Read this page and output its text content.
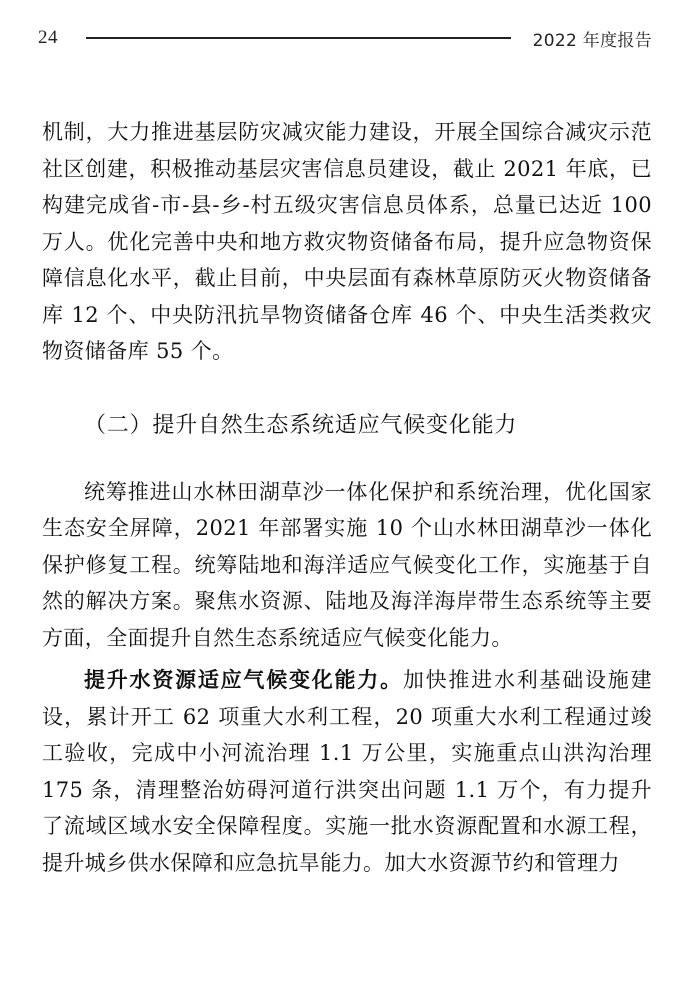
24	2022 年度报告

机制，大力推进基层防灾减灾能力建设，开展全国综合减灾示范社区创建，积极推动基层灾害信息员建设，截止 2021 年底，已构建完成省-市-县-乡-村五级灾害信息员体系，总量已达近 100 万人。优化完善中央和地方救灾物资储备布局，提升应急物资保障信息化水平，截止目前，中央层面有森林草原防灭火物资储备库 12 个、中央防汛抗旱物资储备仓库 46 个、中央生活类救灾物资储备库 55 个。

（二）提升自然生态系统适应气候变化能力

统筹推进山水林田湖草沙一体化保护和系统治理，优化国家生态安全屏障，2021 年部署实施 10 个山水林田湖草沙一体化保护修复工程。统筹陆地和海洋适应气候变化工作，实施基于自然的解决方案。聚焦水资源、陆地及海洋海岸带生态系统等主要方面，全面提升自然生态系统适应气候变化能力。

提升水资源适应气候变化能力。加快推进水利基础设施建设，累计开工 62 项重大水利工程，20 项重大水利工程通过竣工验收，完成中小河流治理 1.1 万公里，实施重点山洪沟治理 175 条，清理整治妨碍河道行洪突出问题 1.1 万个，有力提升了流域区域水安全保障程度。实施一批水资源配置和水源工程，提升城乡供水保障和应急抗旱能力。加大水资源节约和管理力
